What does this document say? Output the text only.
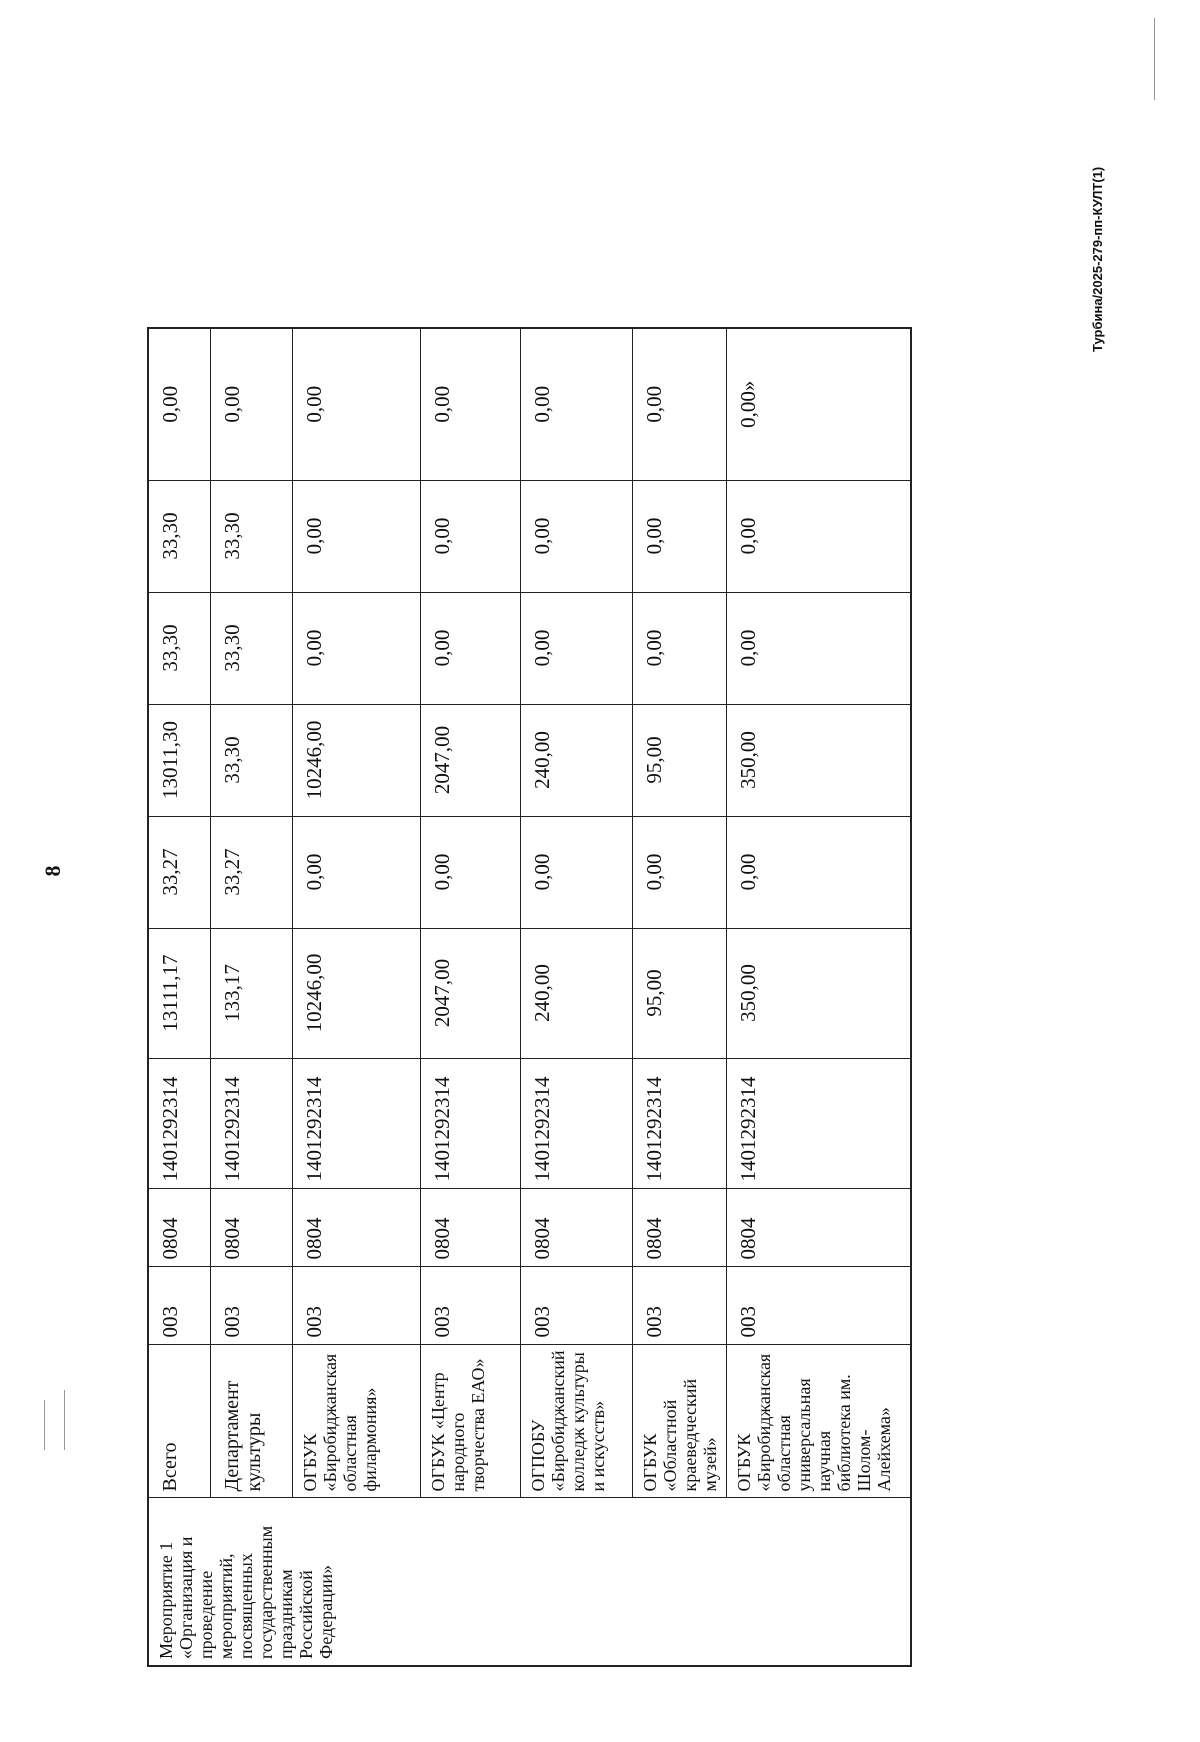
8
Мероприятие 1 «Организация и проведение мероприятий, посвященных государственным праздникам Российской Федерации»	Всего	003	0804	1401292314	13111,17	33,27	13011,30	33,30	33,30	0,00
	Департамент культуры	003	0804	1401292314	133,17	33,27	33,30	33,30	33,30	0,00
	ОГБУК «Биробиджанская областная филармония»	003	0804	1401292314	10246,00	0,00	10246,00	0,00	0,00	0,00
	ОГБУК «Центр народного творчества ЕАО»	003	0804	1401292314	2047,00	0,00	2047,00	0,00	0,00	0,00
	ОГПОБУ «Биробиджанский колледж культуры и искусств»	003	0804	1401292314	240,00	0,00	240,00	0,00	0,00	0,00
	ОГБУК «Областной краеведческий музей»	003	0804	1401292314	95,00	0,00	95,00	0,00	0,00	0,00
	ОГБУК «Биробиджанская областная универсальная научная библиотека им. Шолом-Алейхема»	003	0804	1401292314	350,00	0,00	350,00	0,00	0,00	0,00»
Турбина/2025-279-пп-КУЛТ(1)
